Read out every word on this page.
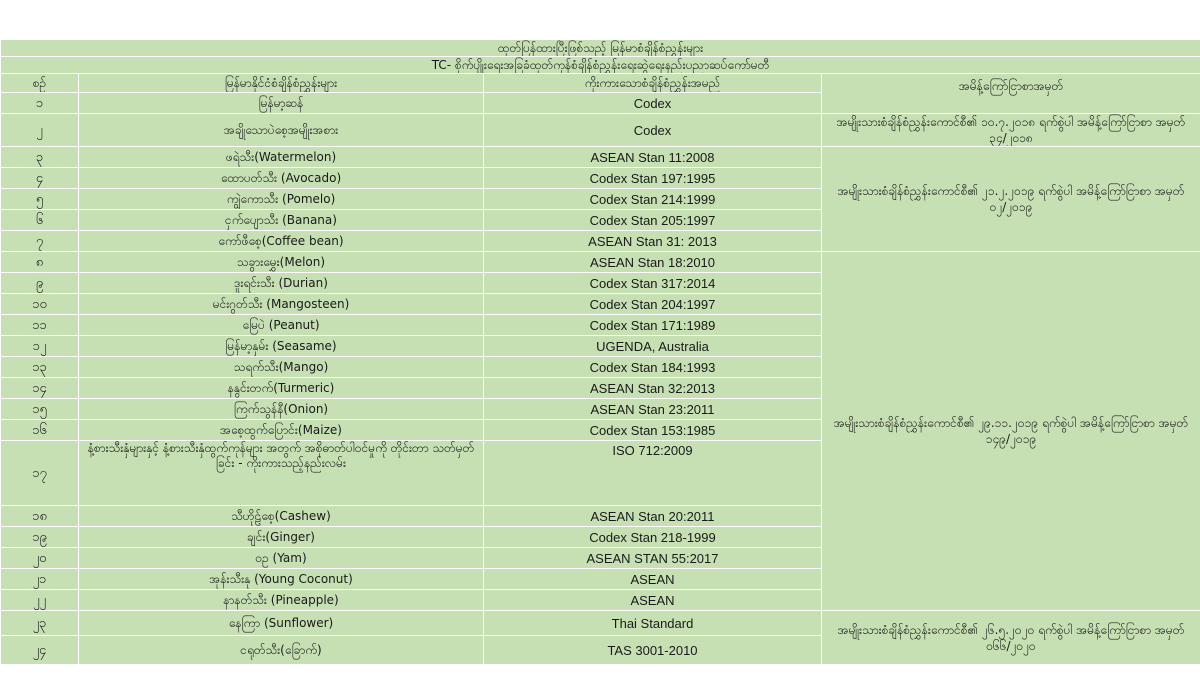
ထုတ်ပြန်ထားပြီးဖြစ်သည့် မြန်မာစံချိန်စံညွှန်းများ			
TC- စိုက်ပျိုးရေးအခြခံထုတ်ကုန်စံချိန်စံညွှန်းရေးဆွဲရေးနည်းပညာဆပ်ကော်မတီ			
စဉ်	မြန်မာနိုင်ငံစံချိန်စံညွှန်းများ	ကိုးကားသောစံချိန်စံညွှန်းအမည်	အမိန့်ကြော်ငြာစာအမှတ်

၁	မြန်မာ့ဆန်	Codex	
၂	အချိုသောပဲစေ့အမျိုးအစား	Codex	အမျိုးသားစံချိန်စံညွှန်းကောင်စီ၏ ၁၀.၇.၂၀၁၈ ရက်စွဲပါ အမိန့်ကြော်ငြာစာ အမှတ် ၃၄/၂၀၁၈
၃	ဖရဲသီး(Watermelon)	ASEAN Stan 11:2008	အမျိုးသားစံချိန်စံညွှန်းကောင်စီ၏ ၂၁.၂.၂၀၁၉ ရက်စွဲပါ အမိန့်ကြော်ငြာစာ အမှတ် ၀၂/၂၀၁၉
၄	ထောပတ်သီး (Avocado)	Codex Stan 197:1995	
၅	ကျွဲကောသီး (Pomelo)	Codex Stan 214:1999	
၆	ငှက်ပျောသီး (Banana)	Codex Stan 205:1997	
၇	ကော်ဖီစေ့(Coffee bean)	ASEAN Stan 31: 2013	
၈	သခွားမွှေး(Melon)	ASEAN Stan 18:2010	အမျိုးသားစံချိန်စံညွှန်းကောင်စီ၏ ၂၉.၁၁.၂၀၁၉ ရက်စွဲပါ အမိန့်ကြော်ငြာစာ အမှတ် ၁၄၉/၂၀၁၉
၉	ဒူးရင်းသီး (Durian)	Codex Stan 317:2014	
၁၀	မင်းဂွတ်သီး (Mangosteen)	Codex Stan 204:1997	
၁၁	မြေပဲ (Peanut)	Codex Stan 171:1989	
၁၂	မြန်မာ့နှမ်း (Seasame)	UGENDA, Australia	
၁၃	သရက်သီး(Mango)	Codex Stan 184:1993	
၁၄	နနွင်းတက်(Turmeric)	ASEAN Stan 32:2013	
၁၅	ကြက်သွန်နီ(Onion)	ASEAN Stan 23:2011	
၁၆	အစေ့ထွက်ပြောင်း(Maize)	Codex Stan 153:1985	
၁၇	နံ့စားသီးနှံများနှင့် နံ့စားသီးနှံထွက်ကုန်များ အတွက် အစိုဓာတ်ပါဝင်မှုကို တိုင်းတာ သတ်မှတ်ခြင်း - ကိုးကားသည့်နည်းလမ်း	ISO 712:2009	
၁၈	သီဟိုဠ်စေ့(Cashew)	ASEAN Stan 20:2011	
၁၉	ချင်း(Ginger)	Codex Stan 218-1999	
၂၀	ဝဥ (Yam)	ASEAN STAN 55:2017	
၂၁	အုန်းသီးနု (Young Coconut)	ASEAN	
၂၂	နာနတ်သီး (Pineapple)	ASEAN	
၂၃	နေကြာ (Sunflower)	Thai Standard	အမျိုးသားစံချိန်စံညွှန်းကောင်စီ၏ ၂၆.၅.၂၀၂၀ ရက်စွဲပါ အမိန့်ကြော်ငြာစာ အမှတ် ၀၆၆/၂၀၂၀
၂၄	ငရုတ်သီး(ခြောက်)	TAS 3001-2010	
